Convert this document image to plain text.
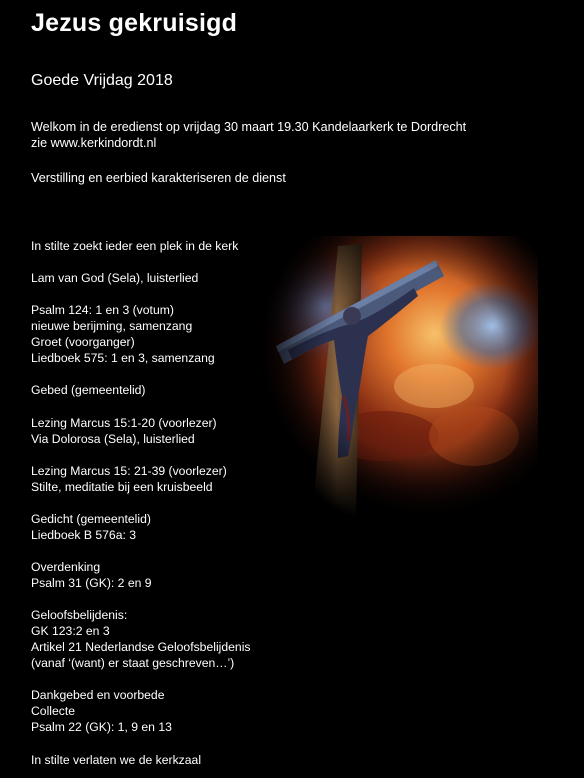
Jezus gekruisigd
Goede Vrijdag 2018
Welkom in de eredienst op vrijdag 30 maart 19.30 Kandelaarkerk te Dordrecht
zie www.kerkindordt.nl
Verstilling en eerbied karakteriseren de dienst
In stilte zoekt ieder een plek in de kerk

Lam van God (Sela), luisterlied

Psalm 124: 1 en 3 (votum)
nieuwe berijming, samenzang
Groet (voorganger)
Liedboek 575: 1 en 3, samenzang

Gebed (gemeentelid)

Lezing Marcus 15:1-20 (voorlezer)
Via Dolorosa (Sela), luisterlied

Lezing Marcus 15: 21-39 (voorlezer)
Stilte, meditatie bij een kruisbeeld

Gedicht (gemeentelid)
Liedboek B 576a: 3

Overdenking
Psalm 31 (GK): 2 en 9

Geloofsbelijdenis:
GK 123:2 en 3
Artikel 21 Nederlandse Geloofsbelijdenis
(vanaf ‘(want) er staat geschreven…’)

Dankgebed en voorbede
Collecte
Psalm 22 (GK): 1, 9 en 13

In stilte verlaten we de kerkzaal
